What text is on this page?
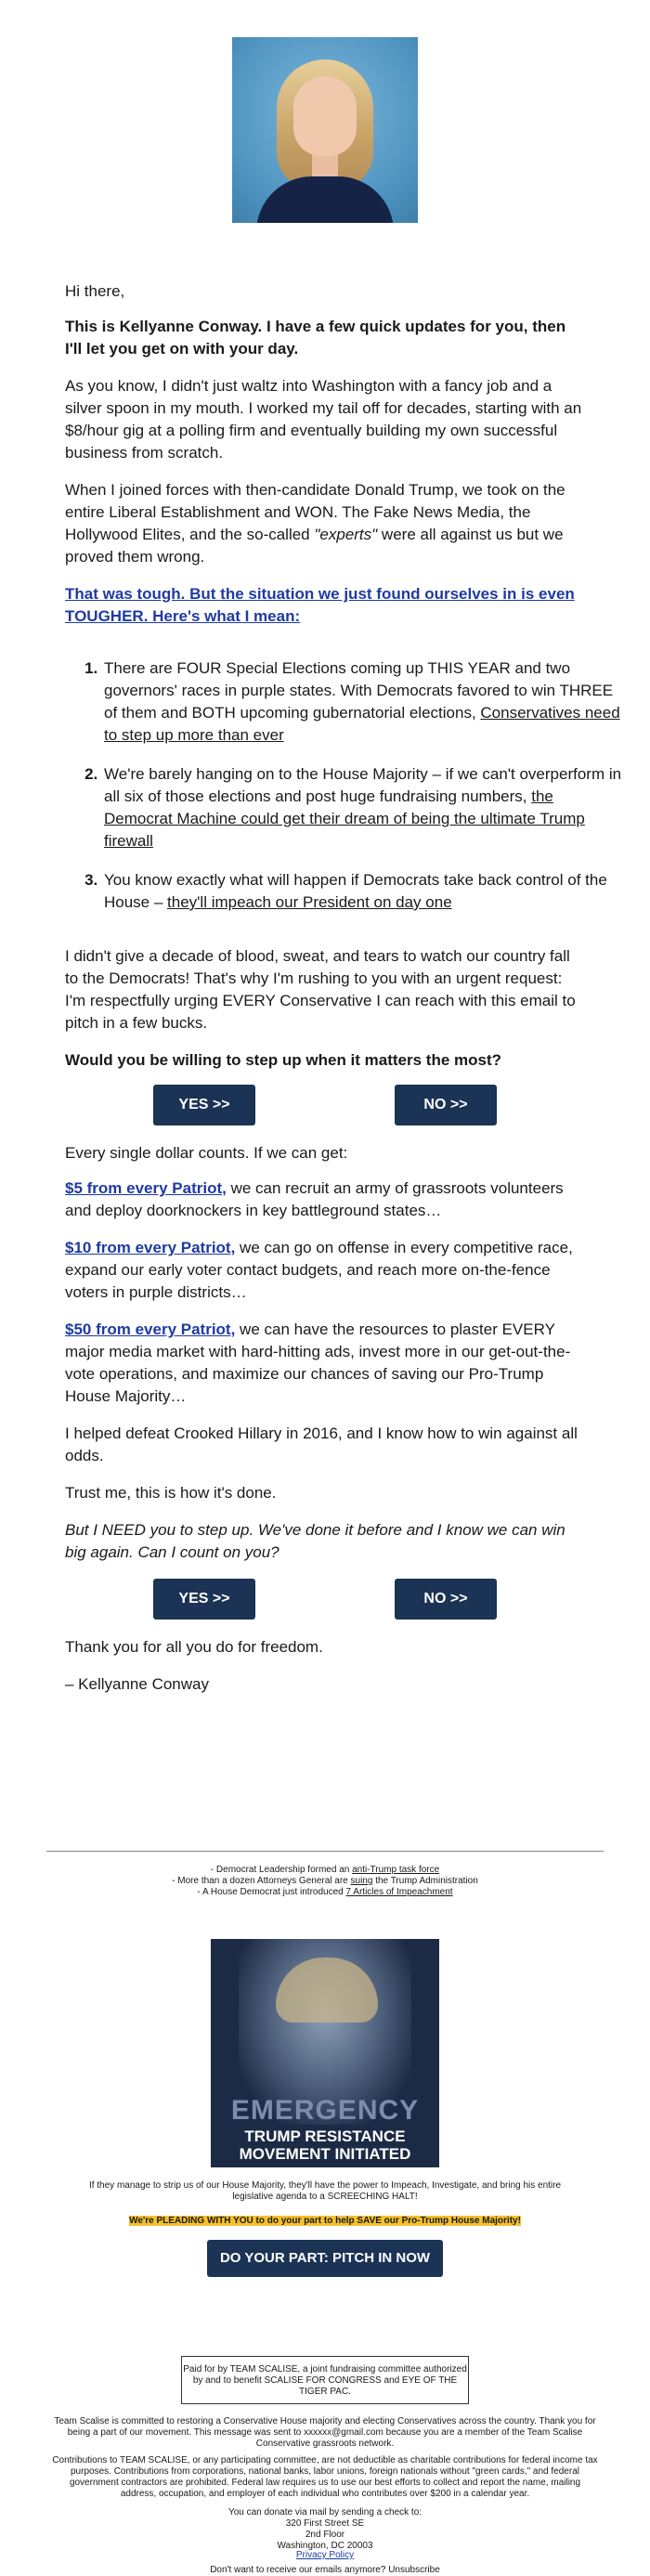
Hi there,

This is Kellyanne Conway. I have a few quick updates for you, then I'll let you get on with your day.

As you know, I didn't just waltz into Washington with a fancy job and a silver spoon in my mouth. I worked my tail off for decades, starting with an $8/hour gig at a polling firm and eventually building my own successful business from scratch.

When I joined forces with then-candidate Donald Trump, we took on the entire Liberal Establishment and WON. The Fake News Media, the Hollywood Elites, and the so-called "experts" were all against us but we proved them wrong.

That was tough. But the situation we just found ourselves in is even TOUGHER. Here's what I mean:

1. There are FOUR Special Elections coming up THIS YEAR and two governors' races in purple states. With Democrats favored to win THREE of them and BOTH upcoming gubernatorial elections, Conservatives need to step up more than ever
2. We're barely hanging on to the House Majority – if we can't overperform in all six of those elections and post huge fundraising numbers, the Democrat Machine could get their dream of being the ultimate Trump firewall
3. You know exactly what will happen if Democrats take back control of the House – they'll impeach our President on day one

I didn't give a decade of blood, sweat, and tears to watch our country fall to the Democrats! That's why I'm rushing to you with an urgent request: I'm respectfully urging EVERY Conservative I can reach with this email to pitch in a few bucks.

Would you be willing to step up when it matters the most?

YES >>	NO >>

Every single dollar counts. If we can get:

$5 from every Patriot, we can recruit an army of grassroots volunteers and deploy doorknockers in key battleground states…

$10 from every Patriot, we can go on offense in every competitive race, expand our early voter contact budgets, and reach more on-the-fence voters in purple districts…

$50 from every Patriot, we can have the resources to plaster EVERY major media market with hard-hitting ads, invest more in our get-out-the-vote operations, and maximize our chances of saving our Pro-Trump House Majority…

I helped defeat Crooked Hillary in 2016, and I know how to win against all odds.

Trust me, this is how it's done.

But I NEED you to step up. We've done it before and I know we can win big again. Can I count on you?

YES >>	NO >>

Thank you for all you do for freedom.

– Kellyanne Conway

- Democrat Leadership formed an anti-Trump task force
- More than a dozen Attorneys General are suing the Trump Administration
- A House Democrat just introduced 7 Articles of Impeachment
EMERGENCY
TRUMP RESISTANCE
MOVEMENT INITIATED
If they manage to strip us of our House Majority, they'll have the power to Impeach, Investigate, and bring his entire legislative agenda to a SCREECHING HALT!
We're PLEADING WITH YOU to do your part to help SAVE our Pro-Trump House Majority!
DO YOUR PART: PITCH IN NOW
Paid for by TEAM SCALISE, a joint fundraising committee authorized by and to benefit SCALISE FOR CONGRESS and EYE OF THE TIGER PAC.
Team Scalise is committed to restoring a Conservative House majority and electing Conservatives across the country. Thank you for being a part of our movement. This message was sent to xxxxxx@gmail.com because you are a member of the Team Scalise Conservative grassroots network.
Contributions to TEAM SCALISE, or any participating committee, are not deductible as charitable contributions for federal income tax purposes. Contributions from corporations, national banks, labor unions, foreign nationals without "green cards," and federal government contractors are prohibited. Federal law requires us to use our best efforts to collect and report the name, mailing address, occupation, and employer of each individual who contributes over $200 in a calendar year.
You can donate via mail by sending a check to:
320 First Street SE
2nd Floor
Washington, DC 20003
Privacy Policy
Don't want to receive our emails anymore? Unsubscribe
